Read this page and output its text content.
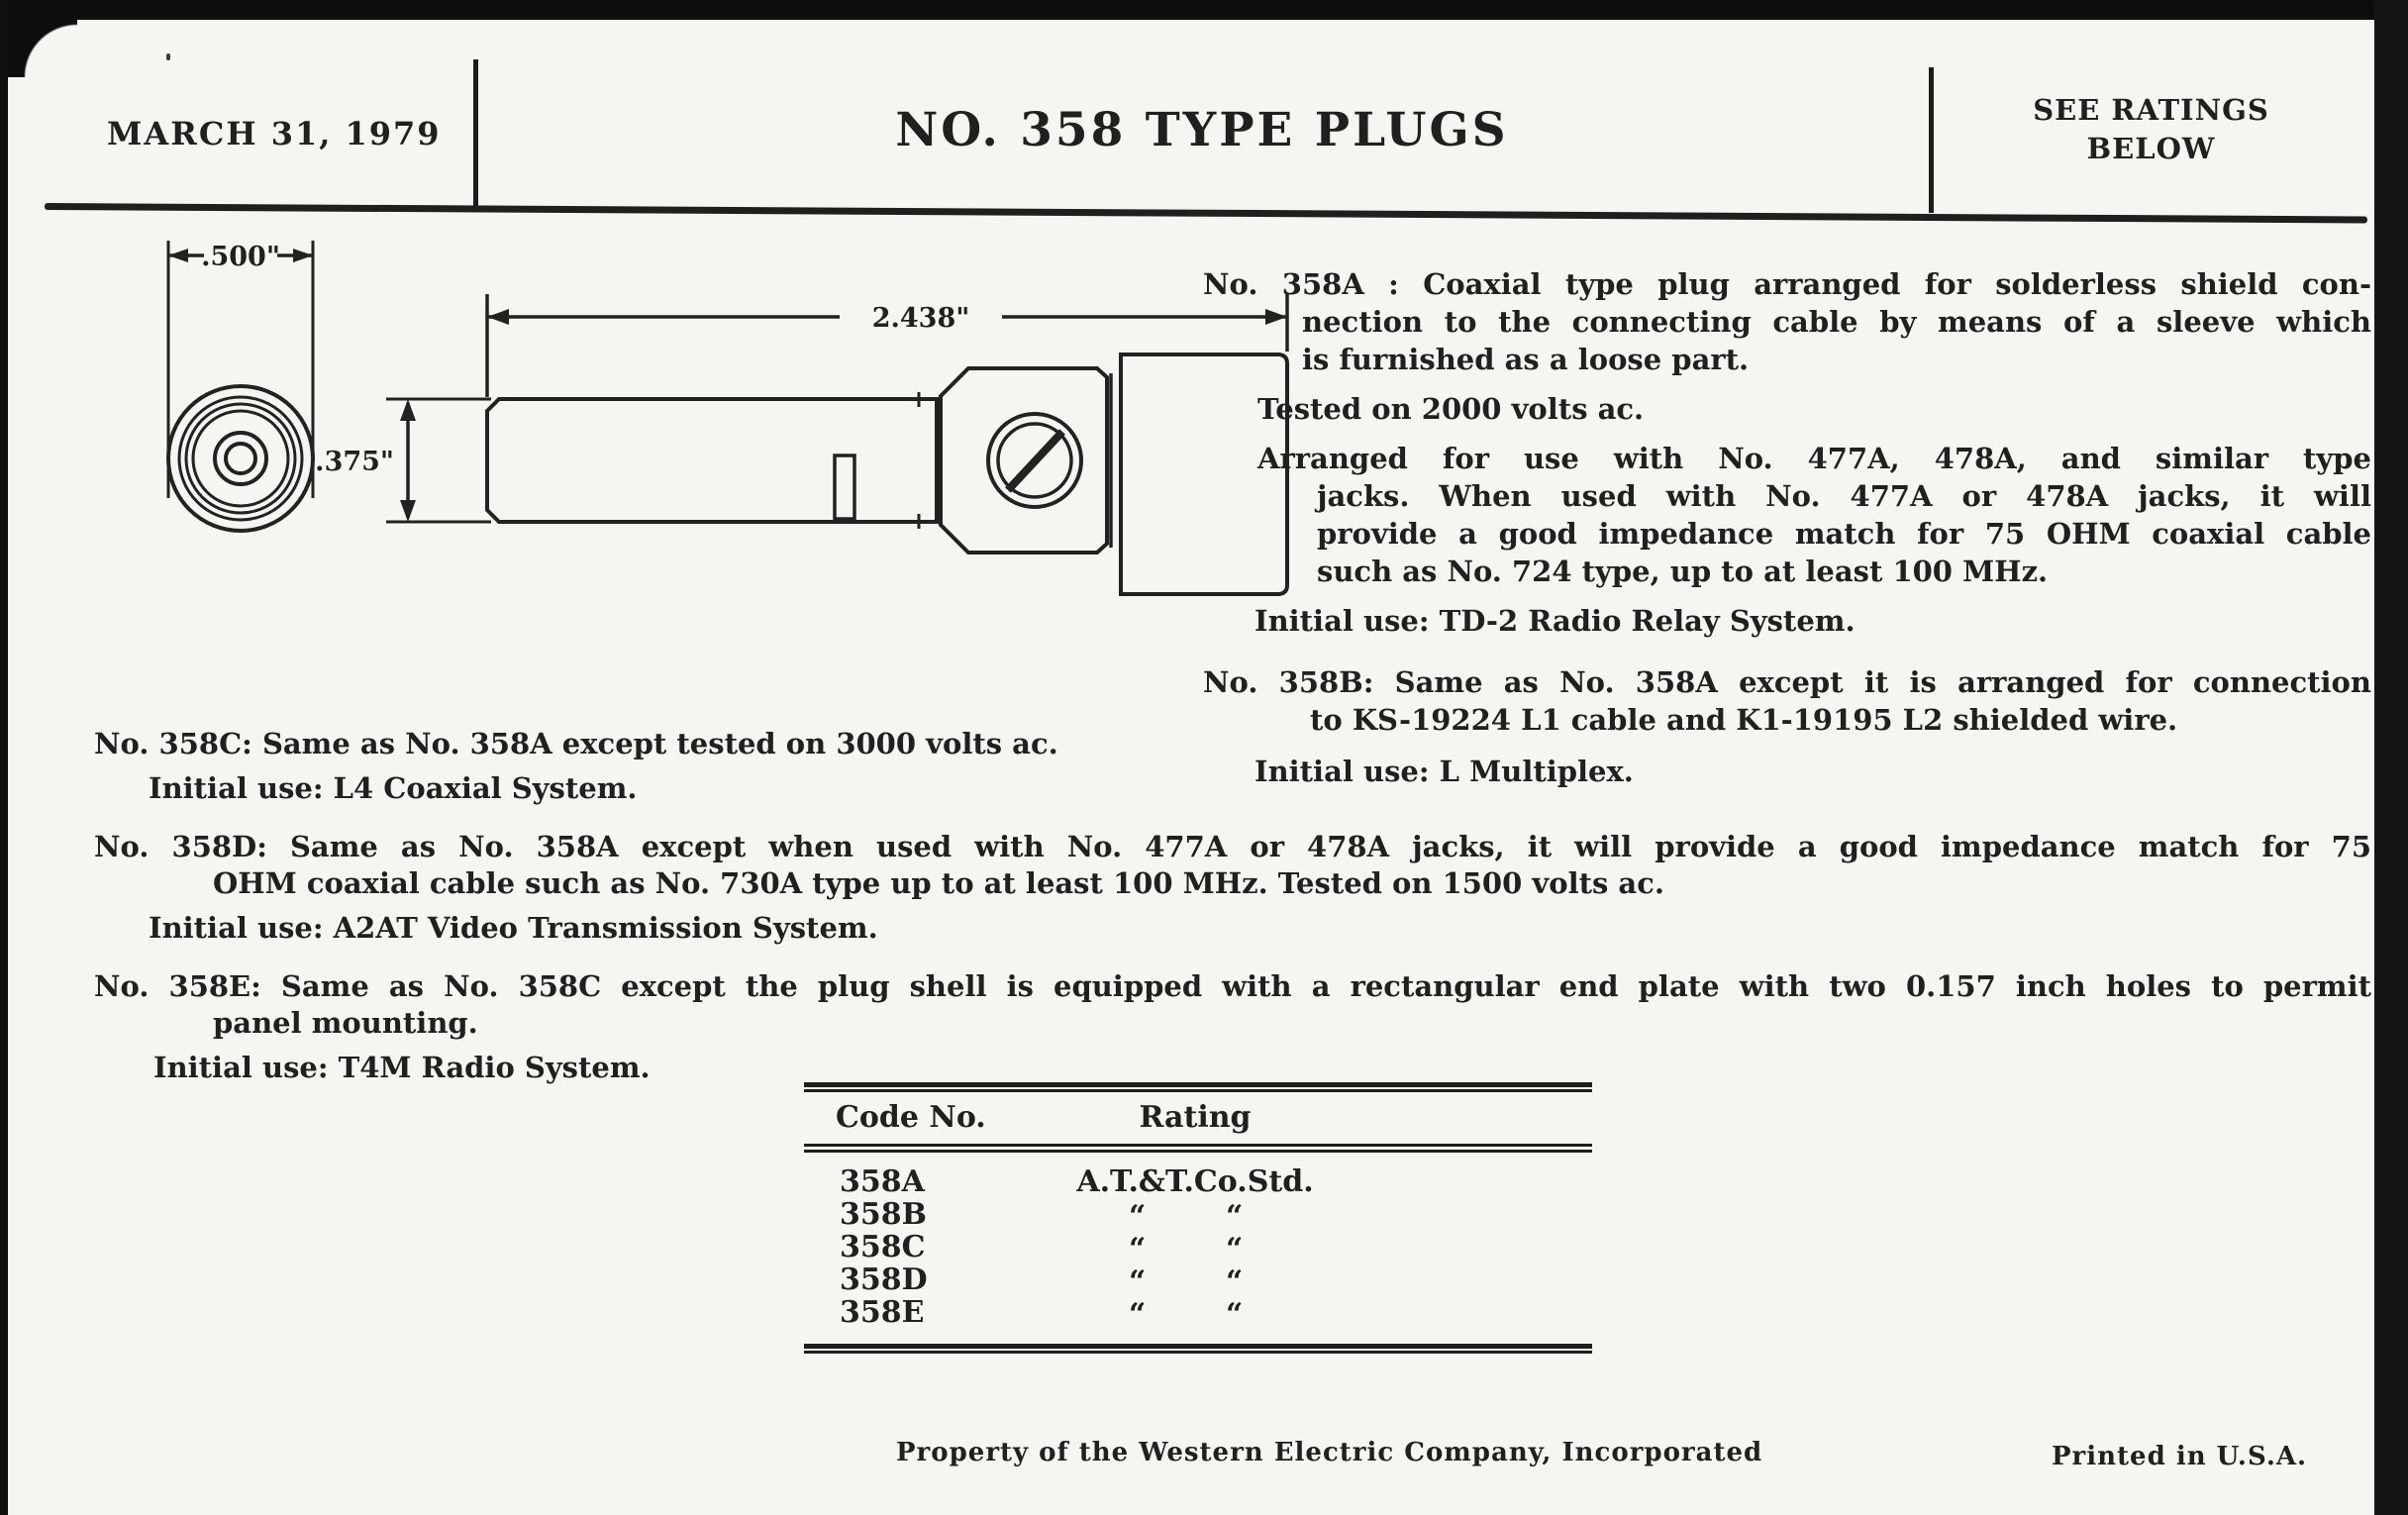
MARCH 31, 1979	NO. 358 TYPE PLUGS	SEE RATINGS
BELOW
.500"
2.438"
.375"
No. 358A : Coaxial type plug arranged for solderless shield con-
nection to the connecting cable by means of a sleeve which
is furnished as a loose part.
Tested on 2000 volts ac.
Arranged for use with No. 477A, 478A, and similar type
jacks. When used with No. 477A or 478A jacks, it will
provide a good impedance match for 75 OHM coaxial cable
such as No. 724 type, up to at least 100 MHz.
Initial use: TD-2 Radio Relay System.
No. 358B: Same as No. 358A except it is arranged for connection
to KS-19224 L1 cable and K1-19195 L2 shielded wire.
Initial use: L Multiplex.
No. 358C: Same as No. 358A except tested on 3000 volts ac.
Initial use: L4 Coaxial System.
No. 358D: Same as No. 358A except when used with No. 477A or 478A jacks, it will provide a good impedance match for 75
OHM coaxial cable such as No. 730A type up to at least 100 MHz. Tested on 1500 volts ac.
Initial use: A2AT Video Transmission System.
No. 358E: Same as No. 358C except the plug shell is equipped with a rectangular end plate with two 0.157 inch holes to permit
panel mounting.
Initial use: T4M Radio System.
Code No.	Rating
358A	A.T.&T.Co.Std.
358B	“	“
358C	“	“
358D	“	“
358E	“	“
Property of the Western Electric Company, Incorporated	Printed in U.S.A.
